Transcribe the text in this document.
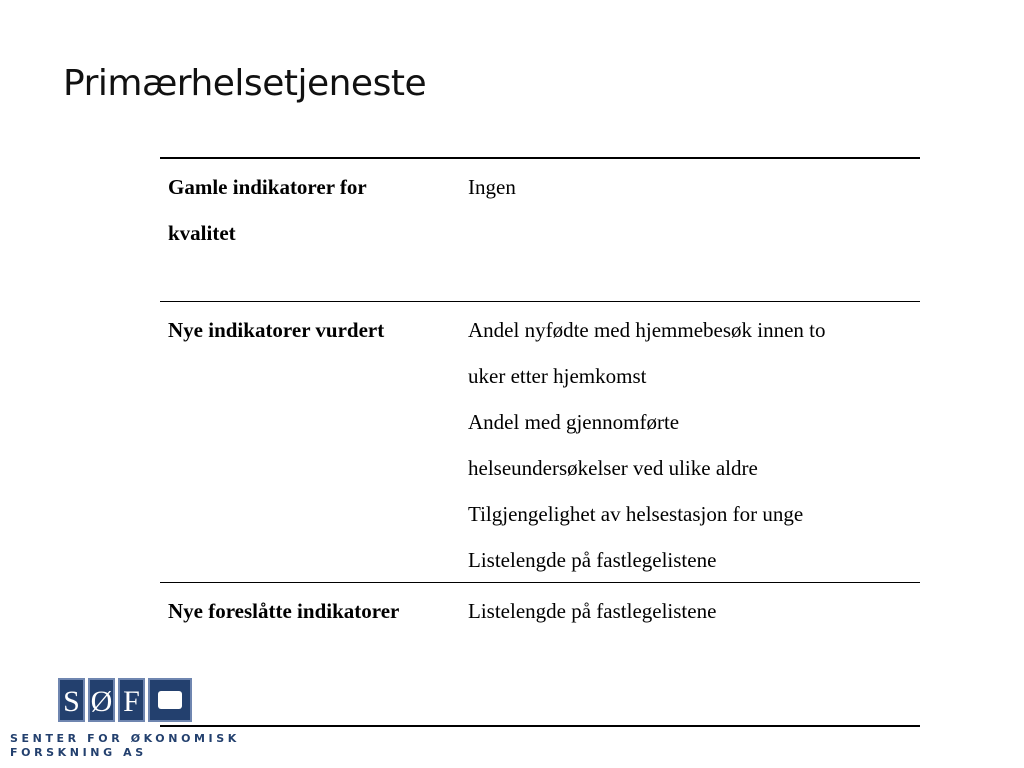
Primærhelsetjeneste
Gamle indikatorer for
kvalitet
Ingen
Nye indikatorer vurdert	Andel nyfødte med hjemmebesøk innen to
uker etter hjemkomst
Andel med gjennomførte
helseundersøkelser ved ulike aldre
Tilgjengelighet av helsestasjon for unge
Listelengde på fastlegelistene
Nye foreslåtte indikatorer	Listelengde på fastlegelistene
S Ø F
SENTER FOR ØKONOMISK
FORSKNING AS
